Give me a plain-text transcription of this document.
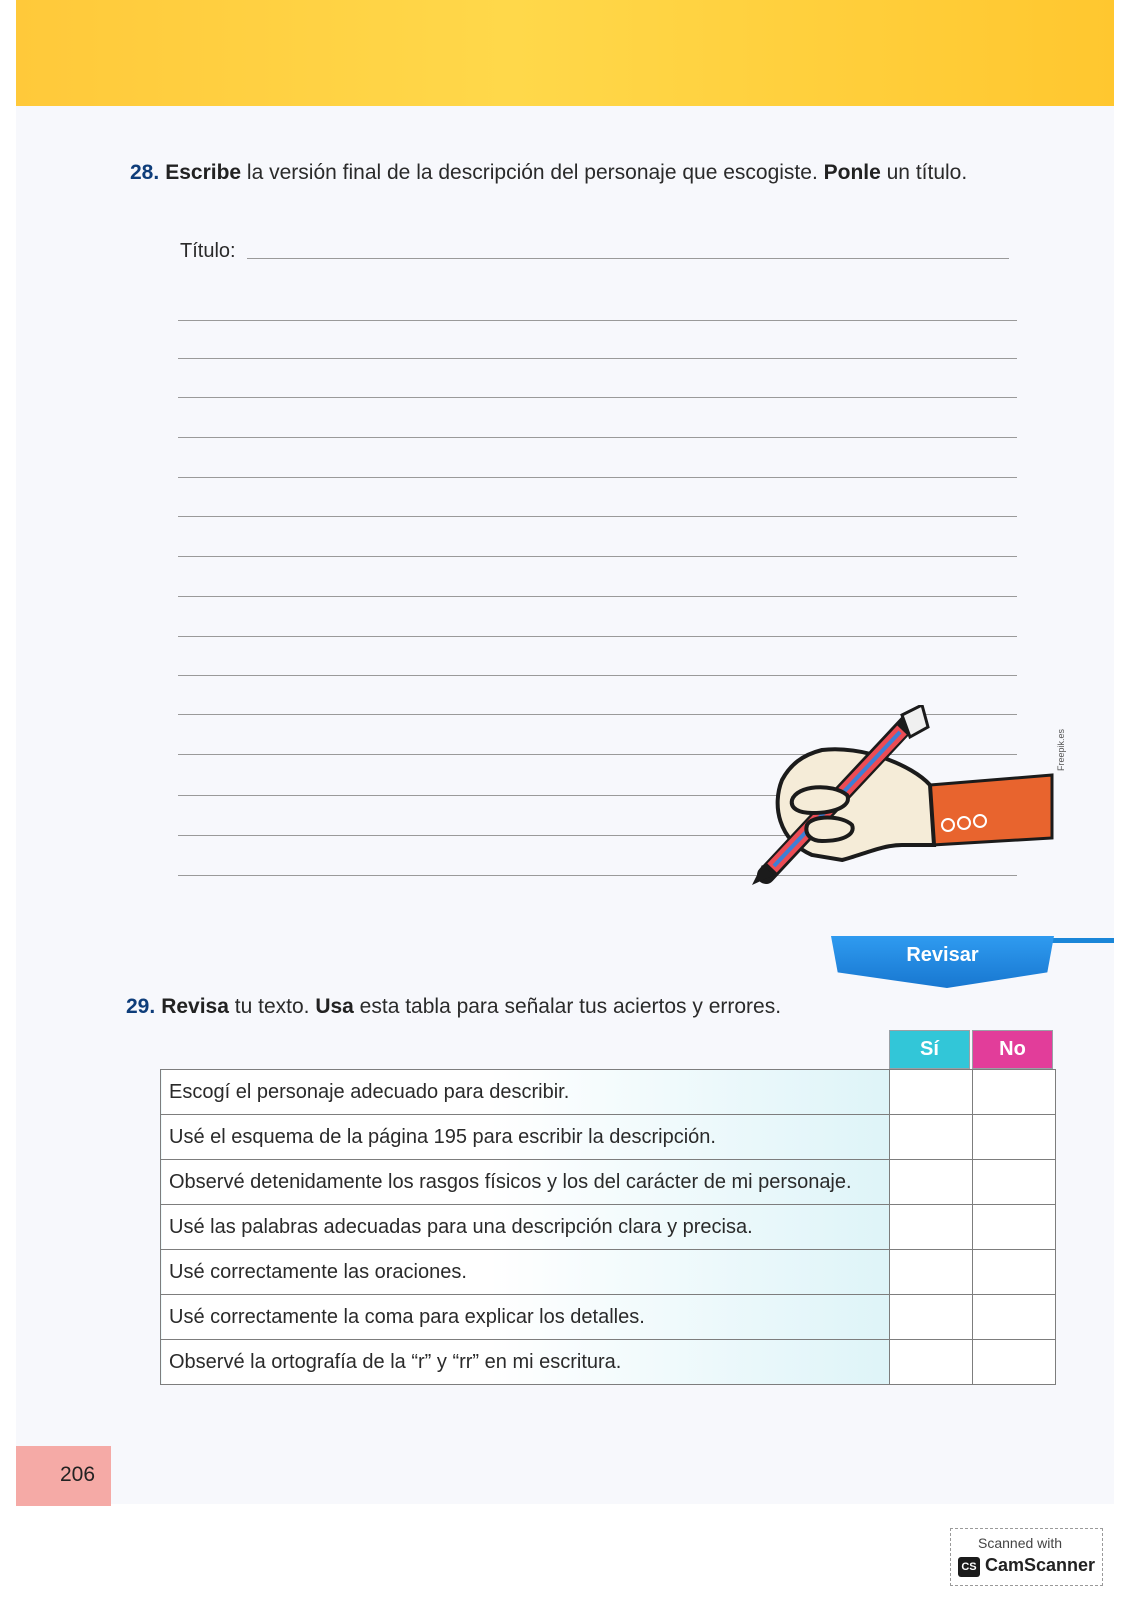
28. Escribe la versión final de la descripción del personaje que escogiste. Ponle un título.
Título:
Freepik.es
Revisar
29. Revisa tu texto. Usa esta tabla para señalar tus aciertos y errores.
Sí	No
Escogí el personaje adecuado para describir.		
Usé el esquema de la página 195 para escribir la descripción.		
Observé detenidamente los rasgos físicos y los del carácter de mi personaje.		
Usé las palabras adecuadas para una descripción clara y precisa.		
Usé correctamente las oraciones.		
Usé correctamente la coma para explicar los detalles.		
Observé la ortografía de la “r” y “rr” en mi escritura.		
206
Scanned with
CS CamScanner
